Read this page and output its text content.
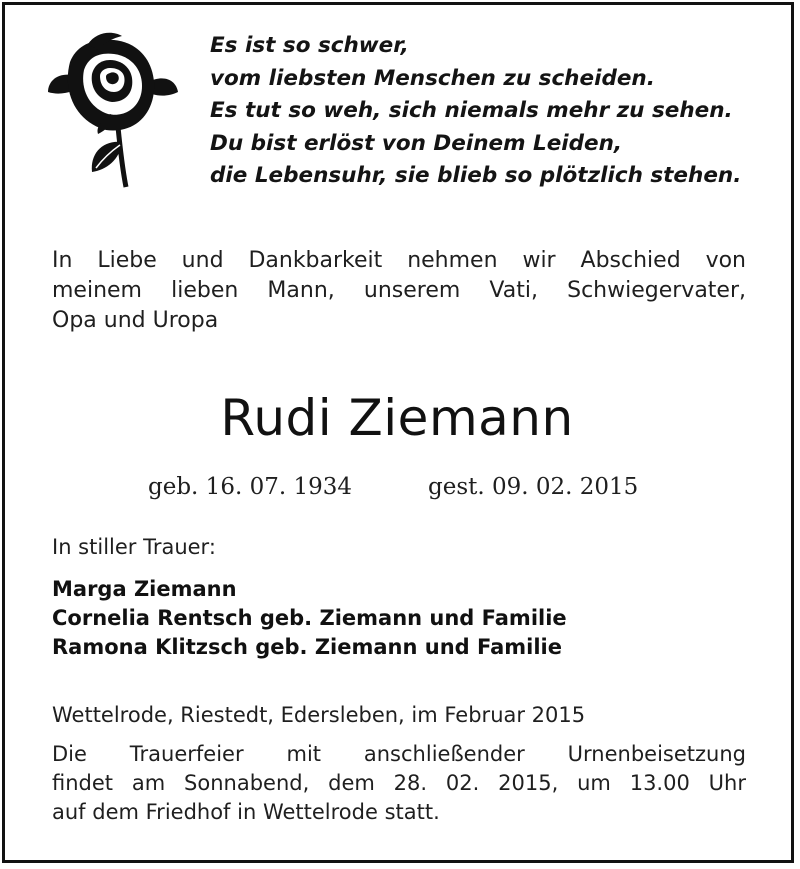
Es ist so schwer,
vom liebsten Menschen zu scheiden.
Es tut so weh, sich niemals mehr zu sehen.
Du bist erlöst von Deinem Leiden,
die Lebensuhr, sie blieb so plötzlich stehen.
In Liebe und Dankbarkeit nehmen wir Abschied von
meinem lieben Mann, unserem Vati, Schwiegervater,
Opa und Uropa
Rudi Ziemann
geb. 16. 07. 1934	gest. 09. 02. 2015
In stiller Trauer:
Marga Ziemann
Cornelia Rentsch geb. Ziemann und Familie
Ramona Klitzsch geb. Ziemann und Familie
Wettelrode, Riestedt, Edersleben, im Februar 2015
Die Trauerfeier mit anschließender Urnenbeisetzung
findet am Sonnabend, dem 28. 02. 2015, um 13.00 Uhr
auf dem Friedhof in Wettelrode statt.
